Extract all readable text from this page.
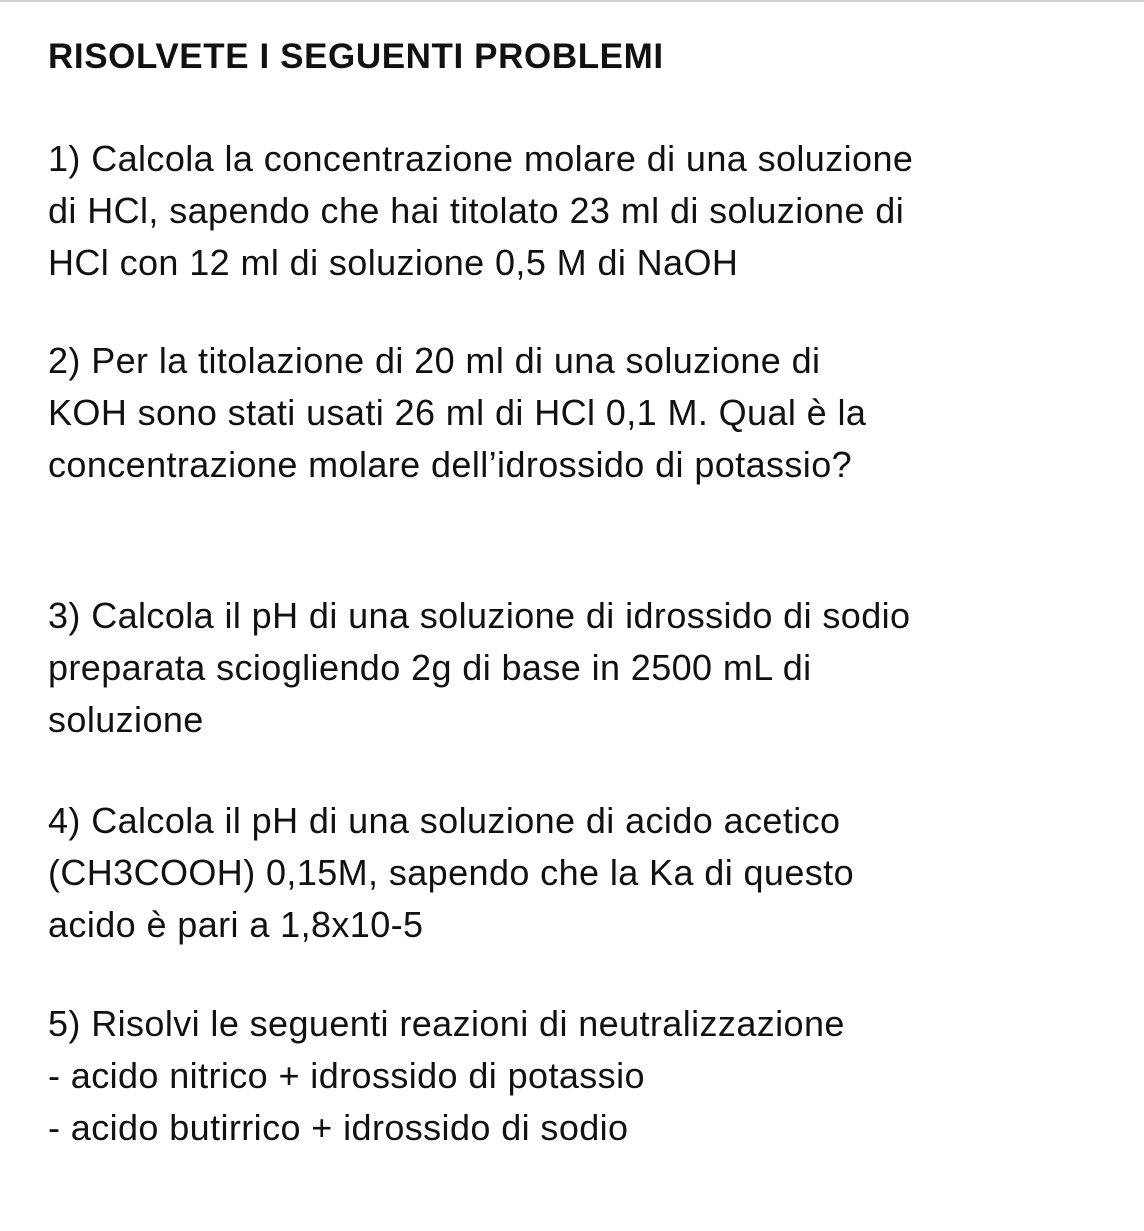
RISOLVETE I SEGUENTI PROBLEMI
1) Calcola la concentrazione molare di una soluzione
di HCl, sapendo che hai titolato 23 ml di soluzione di
HCl con 12 ml di soluzione 0,5 M di NaOH
2) Per la titolazione di 20 ml di una soluzione di
KOH sono stati usati 26 ml di HCl 0,1 M. Qual è la
concentrazione molare dell’idrossido di potassio?
3) Calcola il pH di una soluzione di idrossido di sodio
preparata sciogliendo 2g di base in 2500 mL di
soluzione
4) Calcola il pH di una soluzione di acido acetico
(CH3COOH) 0,15M, sapendo che la Ka di questo
acido è pari a 1,8x10-5
5) Risolvi le seguenti reazioni di neutralizzazione
- acido nitrico + idrossido di potassio
- acido butirrico + idrossido di sodio
